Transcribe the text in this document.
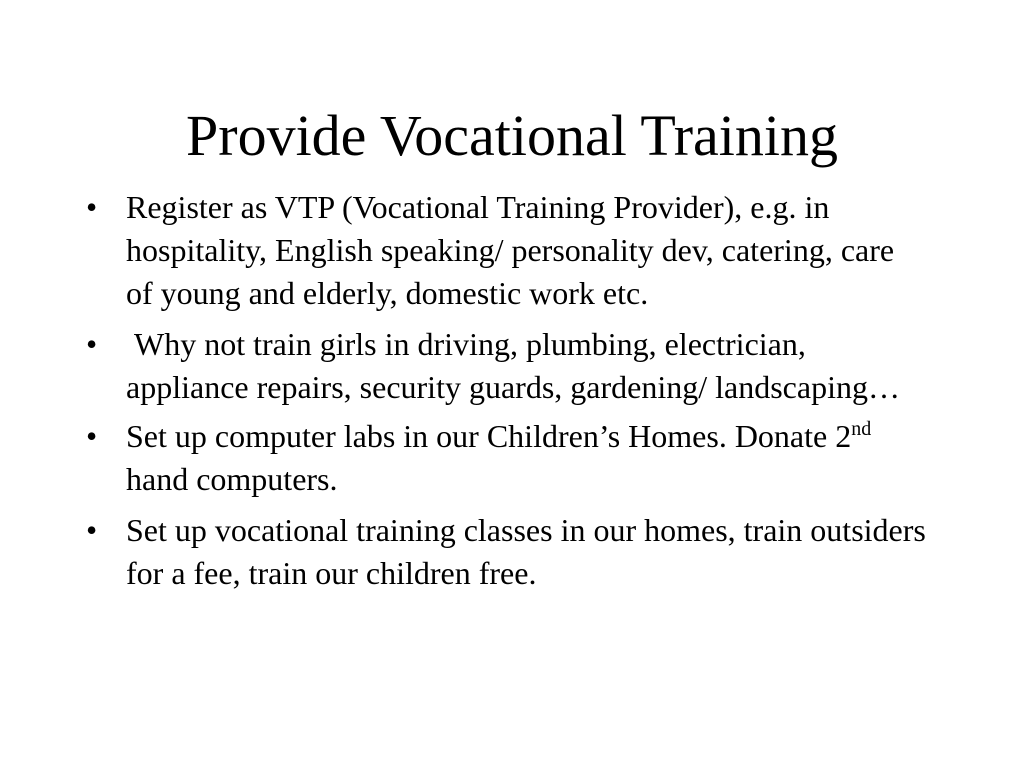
Provide Vocational Training
• Register as VTP (Vocational Training Provider), e.g. in hospitality, English speaking/ personality dev, catering, care of young and elderly, domestic work etc.
• Why not train girls in driving, plumbing, electrician, appliance repairs, security guards, gardening/ landscaping…
• Set up computer labs in our Children’s Homes. Donate 2nd hand computers.
• Set up vocational training classes in our homes, train outsiders for a fee, train our children free.
